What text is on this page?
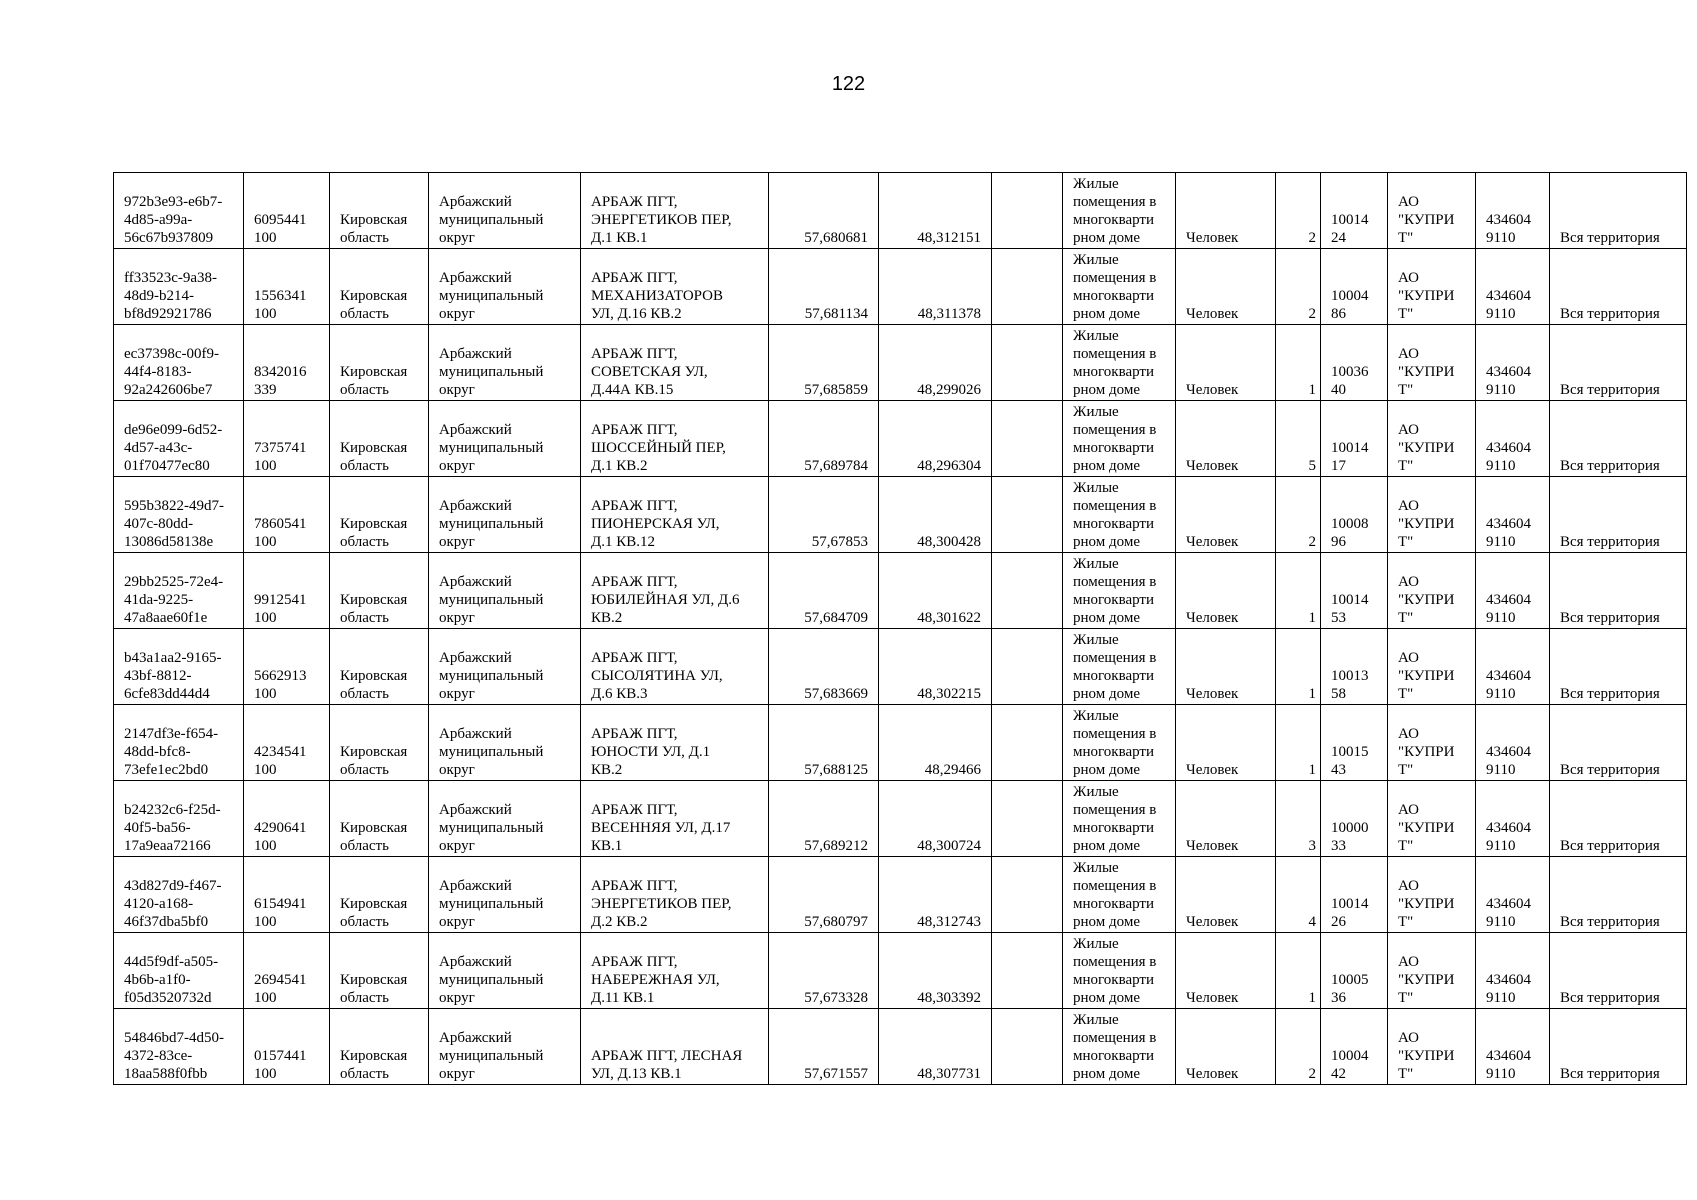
122
972b3e93-e6b7-
4d85-a99a-
56c67b937809	6095441
100	Кировская
область	Арбажский
муниципальный
округ	АРБАЖ ПГТ,
ЭНЕРГЕТИКОВ ПЕР,
Д.1 КВ.1	57,680681	48,312151		Жилые
помещения в
многокварти
рном доме	Человек	2	10014
24	АО
"КУПРИ
Т"	434604
9110	Вся территория
ff33523c-9a38-
48d9-b214-
bf8d92921786	1556341
100	Кировская
область	Арбажский
муниципальный
округ	АРБАЖ ПГТ,
МЕХАНИЗАТОРОВ
УЛ, Д.16 КВ.2	57,681134	48,311378		Жилые
помещения в
многокварти
рном доме	Человек	2	10004
86	АО
"КУПРИ
Т"	434604
9110	Вся территория
ec37398c-00f9-
44f4-8183-
92a242606be7	8342016
339	Кировская
область	Арбажский
муниципальный
округ	АРБАЖ ПГТ,
СОВЕТСКАЯ УЛ,
Д.44А КВ.15	57,685859	48,299026		Жилые
помещения в
многокварти
рном доме	Человек	1	10036
40	АО
"КУПРИ
Т"	434604
9110	Вся территория
de96e099-6d52-
4d57-a43c-
01f70477ec80	7375741
100	Кировская
область	Арбажский
муниципальный
округ	АРБАЖ ПГТ,
ШОССЕЙНЫЙ ПЕР,
Д.1 КВ.2	57,689784	48,296304		Жилые
помещения в
многокварти
рном доме	Человек	5	10014
17	АО
"КУПРИ
Т"	434604
9110	Вся территория
595b3822-49d7-
407c-80dd-
13086d58138e	7860541
100	Кировская
область	Арбажский
муниципальный
округ	АРБАЖ ПГТ,
ПИОНЕРСКАЯ УЛ,
Д.1 КВ.12	57,67853	48,300428		Жилые
помещения в
многокварти
рном доме	Человек	2	10008
96	АО
"КУПРИ
Т"	434604
9110	Вся территория
29bb2525-72e4-
41da-9225-
47a8aae60f1e	9912541
100	Кировская
область	Арбажский
муниципальный
округ	АРБАЖ ПГТ,
ЮБИЛЕЙНАЯ УЛ, Д.6
КВ.2	57,684709	48,301622		Жилые
помещения в
многокварти
рном доме	Человек	1	10014
53	АО
"КУПРИ
Т"	434604
9110	Вся территория
b43a1aa2-9165-
43bf-8812-
6cfe83dd44d4	5662913
100	Кировская
область	Арбажский
муниципальный
округ	АРБАЖ ПГТ,
СЫСОЛЯТИНА УЛ,
Д.6 КВ.3	57,683669	48,302215		Жилые
помещения в
многокварти
рном доме	Человек	1	10013
58	АО
"КУПРИ
Т"	434604
9110	Вся территория
2147df3e-f654-
48dd-bfc8-
73efe1ec2bd0	4234541
100	Кировская
область	Арбажский
муниципальный
округ	АРБАЖ ПГТ,
ЮНОСТИ УЛ, Д.1
КВ.2	57,688125	48,29466		Жилые
помещения в
многокварти
рном доме	Человек	1	10015
43	АО
"КУПРИ
Т"	434604
9110	Вся территория
b24232c6-f25d-
40f5-ba56-
17a9eaa72166	4290641
100	Кировская
область	Арбажский
муниципальный
округ	АРБАЖ ПГТ,
ВЕСЕННЯЯ УЛ, Д.17
КВ.1	57,689212	48,300724		Жилые
помещения в
многокварти
рном доме	Человек	3	10000
33	АО
"КУПРИ
Т"	434604
9110	Вся территория
43d827d9-f467-
4120-a168-
46f37dba5bf0	6154941
100	Кировская
область	Арбажский
муниципальный
округ	АРБАЖ ПГТ,
ЭНЕРГЕТИКОВ ПЕР,
Д.2 КВ.2	57,680797	48,312743		Жилые
помещения в
многокварти
рном доме	Человек	4	10014
26	АО
"КУПРИ
Т"	434604
9110	Вся территория
44d5f9df-a505-
4b6b-a1f0-
f05d3520732d	2694541
100	Кировская
область	Арбажский
муниципальный
округ	АРБАЖ ПГТ,
НАБЕРЕЖНАЯ УЛ,
Д.11 КВ.1	57,673328	48,303392		Жилые
помещения в
многокварти
рном доме	Человек	1	10005
36	АО
"КУПРИ
Т"	434604
9110	Вся территория
54846bd7-4d50-
4372-83ce-
18aa588f0fbb	0157441
100	Кировская
область	Арбажский
муниципальный
округ	АРБАЖ ПГТ, ЛЕСНАЯ
УЛ, Д.13 КВ.1	57,671557	48,307731		Жилые
помещения в
многокварти
рном доме	Человек	2	10004
42	АО
"КУПРИ
Т"	434604
9110	Вся территория
